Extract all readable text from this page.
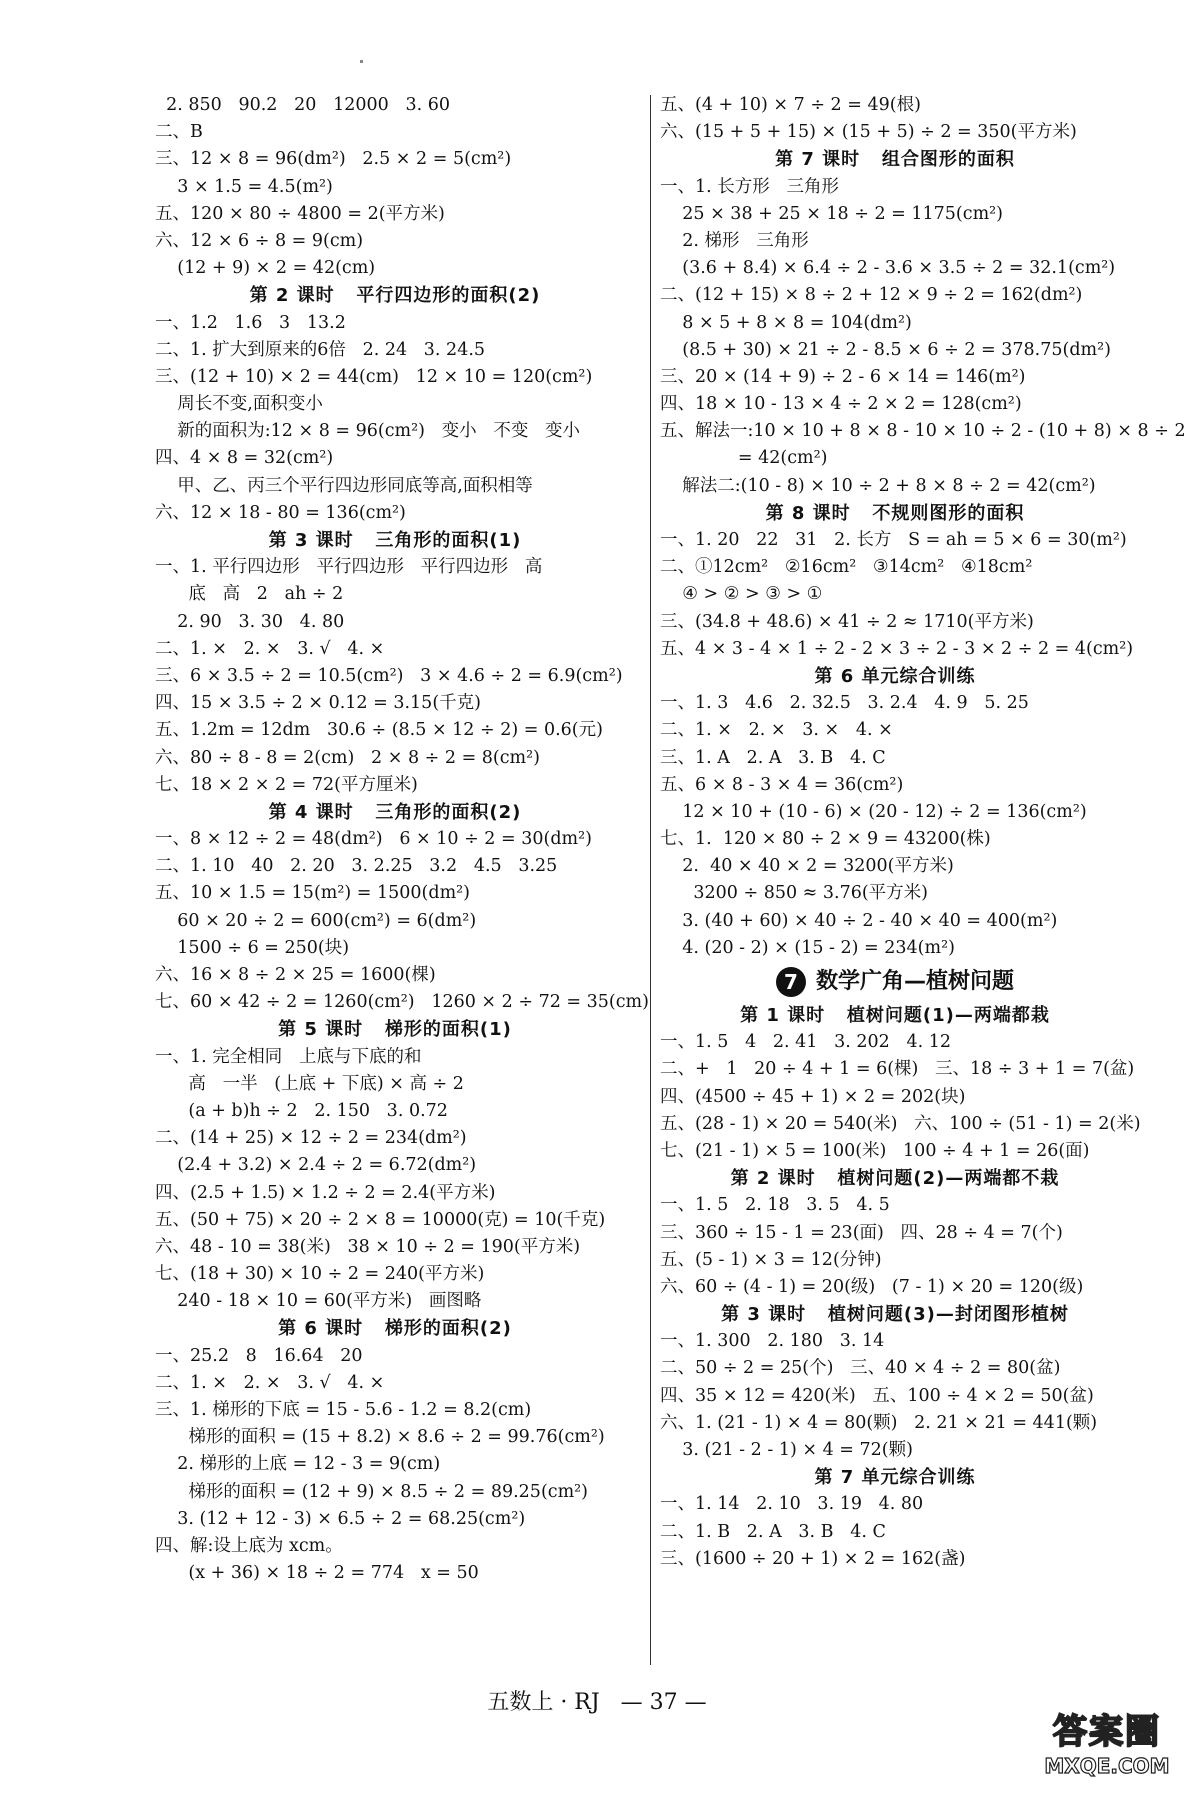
2. 850   90.2   20   12000   3. 60
二、B
三、12 × 8 = 96(dm²)   2.5 × 2 = 5(cm²)
3 × 1.5 = 4.5(m²)
五、120 × 80 ÷ 4800 = 2(平方米)
六、12 × 6 ÷ 8 = 9(cm)
(12 + 9) × 2 = 42(cm)
第 2 课时   平行四边形的面积(2)
一、1.2   1.6   3   13.2
二、1. 扩大到原来的6倍   2. 24   3. 24.5
三、(12 + 10) × 2 = 44(cm)   12 × 10 = 120(cm²)
周长不变,面积变小
新的面积为:12 × 8 = 96(cm²)   变小   不变   变小
四、4 × 8 = 32(cm²)
甲、乙、丙三个平行四边形同底等高,面积相等
六、12 × 18 - 80 = 136(cm²)
第 3 课时   三角形的面积(1)
一、1. 平行四边形   平行四边形   平行四边形   高
底   高   2   ah ÷ 2
2. 90   3. 30   4. 80
二、1. ×   2. ×   3. √   4. ×
三、6 × 3.5 ÷ 2 = 10.5(cm²)   3 × 4.6 ÷ 2 = 6.9(cm²)
四、15 × 3.5 ÷ 2 × 0.12 = 3.15(千克)
五、1.2m = 12dm   30.6 ÷ (8.5 × 12 ÷ 2) = 0.6(元)
六、80 ÷ 8 - 8 = 2(cm)   2 × 8 ÷ 2 = 8(cm²)
七、18 × 2 × 2 = 72(平方厘米)
第 4 课时   三角形的面积(2)
一、8 × 12 ÷ 2 = 48(dm²)   6 × 10 ÷ 2 = 30(dm²)
二、1. 10   40   2. 20   3. 2.25   3.2   4.5   3.25
五、10 × 1.5 = 15(m²) = 1500(dm²)
60 × 20 ÷ 2 = 600(cm²) = 6(dm²)
1500 ÷ 6 = 250(块)
六、16 × 8 ÷ 2 × 25 = 1600(棵)
七、60 × 42 ÷ 2 = 1260(cm²)   1260 × 2 ÷ 72 = 35(cm)
第 5 课时   梯形的面积(1)
一、1. 完全相同   上底与下底的和
高   一半   (上底 + 下底) × 高 ÷ 2
(a + b)h ÷ 2   2. 150   3. 0.72
二、(14 + 25) × 12 ÷ 2 = 234(dm²)
(2.4 + 3.2) × 2.4 ÷ 2 = 6.72(dm²)
四、(2.5 + 1.5) × 1.2 ÷ 2 = 2.4(平方米)
五、(50 + 75) × 20 ÷ 2 × 8 = 10000(克) = 10(千克)
六、48 - 10 = 38(米)   38 × 10 ÷ 2 = 190(平方米)
七、(18 + 30) × 10 ÷ 2 = 240(平方米)
240 - 18 × 10 = 60(平方米)   画图略
第 6 课时   梯形的面积(2)
一、25.2   8   16.64   20
二、1. ×   2. ×   3. √   4. ×
三、1. 梯形的下底 = 15 - 5.6 - 1.2 = 8.2(cm)
梯形的面积 = (15 + 8.2) × 8.6 ÷ 2 = 99.76(cm²)
2. 梯形的上底 = 12 - 3 = 9(cm)
梯形的面积 = (12 + 9) × 8.5 ÷ 2 = 89.25(cm²)
3. (12 + 12 - 3) × 6.5 ÷ 2 = 68.25(cm²)
四、解:设上底为 xcm。
(x + 36) × 18 ÷ 2 = 774   x = 50
五、(4 + 10) × 7 ÷ 2 = 49(根)
六、(15 + 5 + 15) × (15 + 5) ÷ 2 = 350(平方米)
第 7 课时   组合图形的面积
一、1. 长方形   三角形
25 × 38 + 25 × 18 ÷ 2 = 1175(cm²)
2. 梯形   三角形
(3.6 + 8.4) × 6.4 ÷ 2 - 3.6 × 3.5 ÷ 2 = 32.1(cm²)
二、(12 + 15) × 8 ÷ 2 + 12 × 9 ÷ 2 = 162(dm²)
8 × 5 + 8 × 8 = 104(dm²)
(8.5 + 30) × 21 ÷ 2 - 8.5 × 6 ÷ 2 = 378.75(dm²)
三、20 × (14 + 9) ÷ 2 - 6 × 14 = 146(m²)
四、18 × 10 - 13 × 4 ÷ 2 × 2 = 128(cm²)
五、解法一:10 × 10 + 8 × 8 - 10 × 10 ÷ 2 - (10 + 8) × 8 ÷ 2
= 42(cm²)
解法二:(10 - 8) × 10 ÷ 2 + 8 × 8 ÷ 2 = 42(cm²)
第 8 课时   不规则图形的面积
一、1. 20   22   31   2. 长方   S = ah = 5 × 6 = 30(m²)
二、①12cm²   ②16cm²   ③14cm²   ④18cm²
④ > ② > ③ > ①
三、(34.8 + 48.6) × 41 ÷ 2 ≈ 1710(平方米)
五、4 × 3 - 4 × 1 ÷ 2 - 2 × 3 ÷ 2 - 3 × 2 ÷ 2 = 4(cm²)
第 6 单元综合训练
一、1. 3   4.6   2. 32.5   3. 2.4   4. 9   5. 25
二、1. ×   2. ×   3. ×   4. ×
三、1. A   2. A   3. B   4. C
五、6 × 8 - 3 × 4 = 36(cm²)
12 × 10 + (10 - 6) × (20 - 12) ÷ 2 = 136(cm²)
七、1.  120 × 80 ÷ 2 × 9 = 43200(株)
2.  40 × 40 × 2 = 3200(平方米)
3200 ÷ 850 ≈ 3.76(平方米)
3. (40 + 60) × 40 ÷ 2 - 40 × 40 = 400(m²)
4. (20 - 2) × (15 - 2) = 234(m²)
7 数学广角—植树问题
第 1 课时   植树问题(1)—两端都栽
一、1. 5   4   2. 41   3. 202   4. 12
二、+   1   20 ÷ 4 + 1 = 6(棵)   三、18 ÷ 3 + 1 = 7(盆)
四、(4500 ÷ 45 + 1) × 2 = 202(块)
五、(28 - 1) × 20 = 540(米)   六、100 ÷ (51 - 1) = 2(米)
七、(21 - 1) × 5 = 100(米)   100 ÷ 4 + 1 = 26(面)
第 2 课时   植树问题(2)—两端都不栽
一、1. 5   2. 18   3. 5   4. 5
三、360 ÷ 15 - 1 = 23(面)   四、28 ÷ 4 = 7(个)
五、(5 - 1) × 3 = 12(分钟)
六、60 ÷ (4 - 1) = 20(级)   (7 - 1) × 20 = 120(级)
第 3 课时   植树问题(3)—封闭图形植树
一、1. 300   2. 180   3. 14
二、50 ÷ 2 = 25(个)   三、40 × 4 ÷ 2 = 80(盆)
四、35 × 12 = 420(米)   五、100 ÷ 4 × 2 = 50(盆)
六、1. (21 - 1) × 4 = 80(颗)   2. 21 × 21 = 441(颗)
3. (21 - 2 - 1) × 4 = 72(颗)
第 7 单元综合训练
一、1. 14   2. 10   3. 19   4. 80
二、1. B   2. A   3. B   4. C
三、(1600 ÷ 20 + 1) × 2 = 162(盏)
五数上 · RJ   — 37 —
答案圈
MXQE.COM
